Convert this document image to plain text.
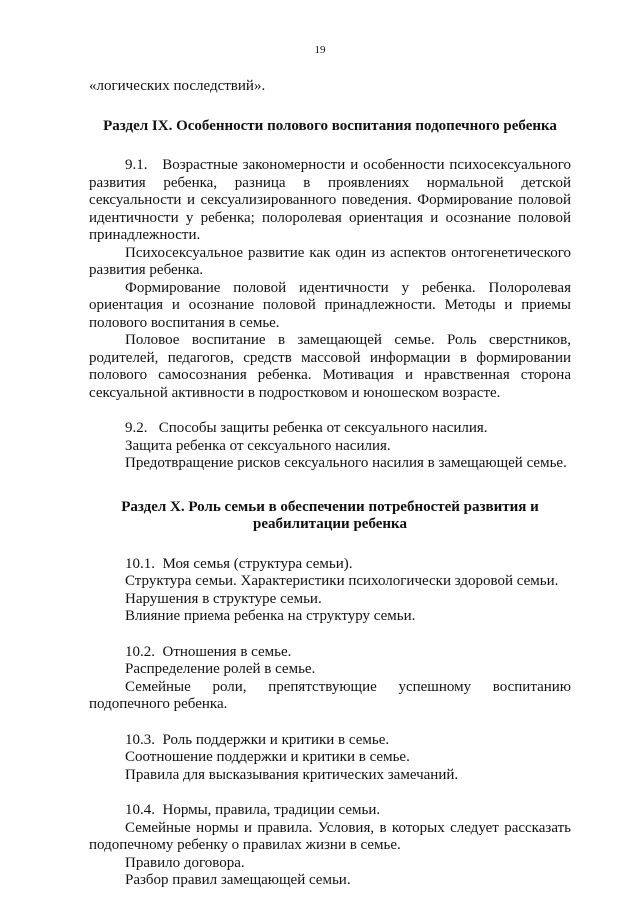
19

«логических последствий».

Раздел IX. Особенности полового воспитания подопечного ребенка

9.1.   Возрастные закономерности и особенности психосексуального развития ребенка, разница в проявлениях нормальной детской сексуальности и сексуализированного поведения. Формирование половой идентичности у ребенка; полоролевая ориентация и осознание половой принадлежности.

Психосексуальное развитие как один из аспектов онтогенетического развития ребенка.

Формирование половой идентичности у ребенка. Полоролевая ориентация и осознание половой принадлежности. Методы и приемы полового воспитания в семье.

Половое воспитание в замещающей семье. Роль сверстников, родителей, педагогов, средств массовой информации в формировании полового самосознания ребенка. Мотивация и нравственная сторона сексуальной активности в подростковом и юношеском возрасте.

9.2.   Способы защиты ребенка от сексуального насилия.

Защита ребенка от сексуального насилия.

Предотвращение рисков сексуального насилия в замещающей семье.

Раздел X. Роль семьи в обеспечении потребностей развития и

реабилитации ребенка

10.1.  Моя семья (структура семьи).

Структура семьи. Характеристики психологически здоровой семьи.

Нарушения в структуре семьи.

Влияние приема ребенка на структуру семьи.

10.2.  Отношения в семье.

Распределение ролей в семье.

Семейные роли, препятствующие успешному воспитанию подопечного ребенка.

10.3.  Роль поддержки и критики в семье.

Соотношение поддержки и критики в семье.

Правила для высказывания критических замечаний.

10.4.  Нормы, правила, традиции семьи.

Семейные нормы и правила. Условия, в которых следует рассказать подопечному ребенку о правилах жизни в семье.

Правило договора.

Разбор правил замещающей семьи.
